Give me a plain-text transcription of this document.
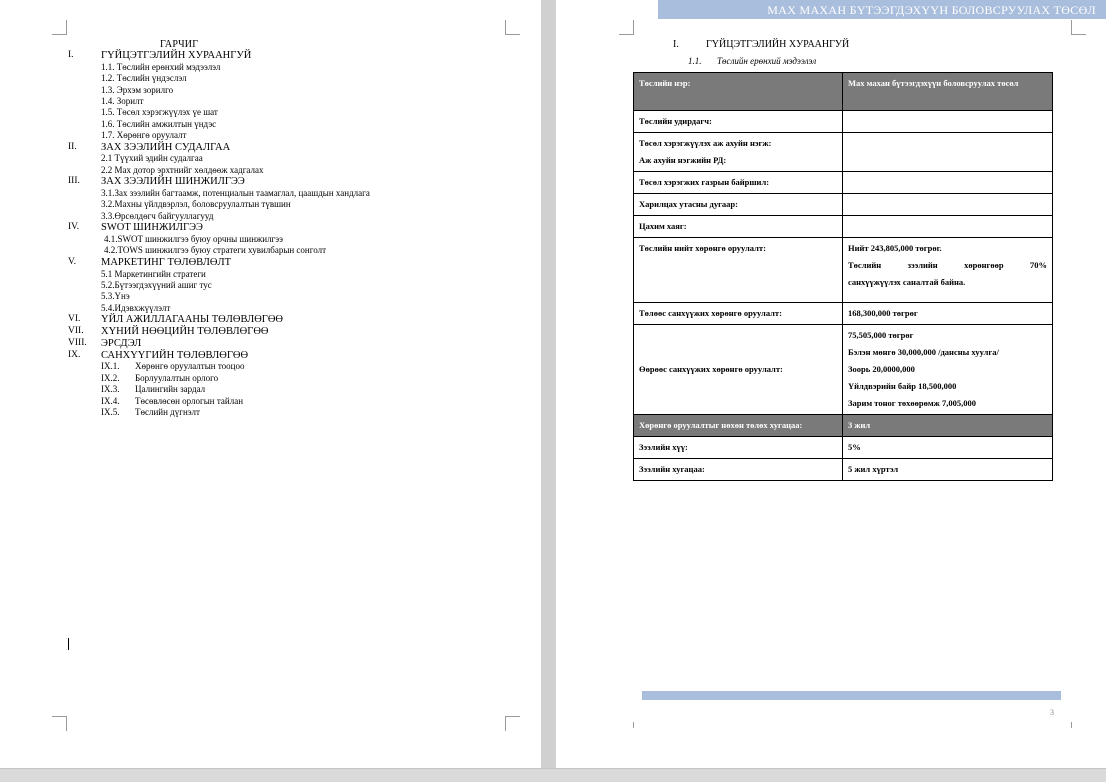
ГАРЧИГ
I.	ГҮЙЦЭТГЭЛИЙН ХУРААНГУЙ
1.1. Төслийн ерөнхий мэдээлэл
1.2. Төслийн үндэслэл
1.3. Эрхэм зорилго
1.4. Зорилт
1.5. Төсөл хэрэгжүүлэх үе шат
1.6. Төслийн амжилтын үндэс
1.7. Хөрөнгө оруулалт
II. ЗАХ ЗЭЭЛИЙН СУДАЛГАА
2.1 Түүхий эдийн судалгаа
2.2 Мах дотор эрхтнийг хөлдөөж хадгалах
III. ЗАХ ЗЭЭЛИЙН ШИНЖИЛГЭЭ
3.1.Зах зээлийн багтаамж, потенциалын таамаглал, цаашдын хандлага
3.2.Махны үйлдвэрлэл, боловсруулалтын түвшин
3.3.Өрсөлдөгч байгууллагууд
IV. SWOT ШИНЖИЛГЭЭ
4.1.SWOT шинжилгээ буюу орчны шинжилгээ
4.2.TOWS шинжилгээ буюу стратеги хувилбарын сонголт
V. МАРКЕТИНГ ТӨЛӨВЛӨЛТ
5.1 Маркетингийн стратеги
5.2.Бүтээгдэхүүний ашиг тус
5.3.Үнэ
5.4.Идэвхжүүлэлт
VI. ҮЙЛ АЖИЛЛАГААНЫ ТӨЛӨВЛӨГӨӨ
VII. ХҮНИЙ НӨӨЦИЙН ТӨЛӨВЛӨГӨӨ
VIII. ЭРСДЭЛ
IX. САНХҮҮГИЙН ТӨЛӨВЛӨГӨӨ
IX.1. Хөрөнгө оруулалтын тооцоо
IX.2. Борлуулалтын орлого
IX.3. Цалингийн зардал
IX.4. Төсөвлөсөн орлогын тайлан
IX.5. Төслийн дүгнэлт
МАХ МАХАН БҮТЭЭГДЭХҮҮН БОЛОВСРУУЛАХ ТӨСӨЛ
I.	ГҮЙЦЭТГЭЛИЙН ХУРААНГУЙ
1.1. Төслийн ерөнхий мэдээлэл
Төслийн нэр:	Мах махан бүтээгдэхүүн боловсруулах төсөл
Төслийн удирдагч:	

Төсөл хэрэгжүүлэх аж ахуйн нэгж:
Аж ахуйн нэгжийн РД:	

Төсөл хэрэгжих газрын байршил:	
Харилцах утасны дугаар:	
Цахим хаяг:	
Төслийн нийт хөрөнгө оруулалт:	Нийт 243,805,000 төгрөг.
Төслийн зээлийн хөрөнгөөр 70%
санхүүжүүлэх саналтай байна.

Төлөөс санхүүжих хөрөнгө оруулалт:	168,300,000 төгрөг
Өөрөөс санхүүжих хөрөнгө оруулалт:	75,505,000 төгрөг
Бэлэн мөнгө 30,000,000 /дансны хуулга/
Зоорь 20,0000,000
Үйлдвэрийн байр 18,500,000
Зарим тоног төхөөрөмж 7,005,000

Хөрөнгө оруулалтыг нөхөн төлөх хугацаа:	3 жил
Зээлийн хүү:	5%
Зээлийн хугацаа:	5 жил хүртэл
3
